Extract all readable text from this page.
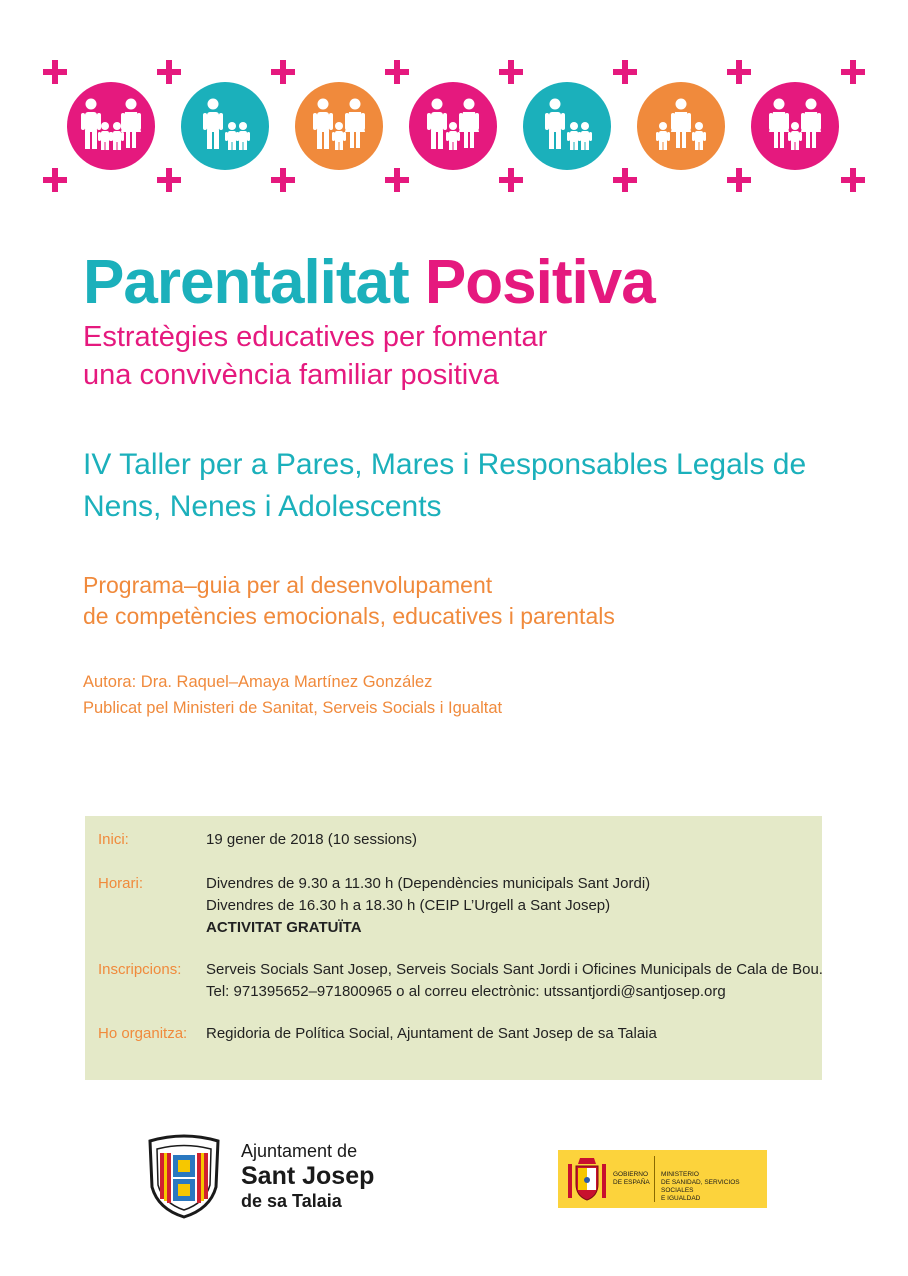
Parentalitat Positiva
Estratègies educatives per fomentar
una convivència familiar positiva
IV Taller per a Pares, Mares i Responsables Legals de
Nens, Nenes i Adolescents
Programa–guia per al desenvolupament
de competències emocionals, educatives i parentals
Autora: Dra. Raquel–Amaya Martínez González
Publicat pel Ministeri de Sanitat, Serveis Socials i Igualtat
Inici:	19 gener de 2018 (10 sessions)
Horari:	Divendres de 9.30 a 11.30 h (Dependències municipals Sant Jordi)
Divendres de 16.30 h a 18.30 h (CEIP L’Urgell a Sant Josep)
ACTIVITAT GRATUÏTA
Inscripcions: Serveis Socials Sant Josep, Serveis Socials Sant Jordi i Oficines Municipals de Cala de Bou.
Tel: 971395652–971800965 o al correu electrònic: utssantjordi@santjosep.org
Ho organitza: Regidoria de Política Social, Ajuntament de Sant Josep de sa Talaia
Ajuntament de
Sant Josep
de sa Talaia
GOBIERNO
DE ESPAÑA
MINISTERIO
DE SANIDAD, SERVICIOS SOCIALES
E IGUALDAD
